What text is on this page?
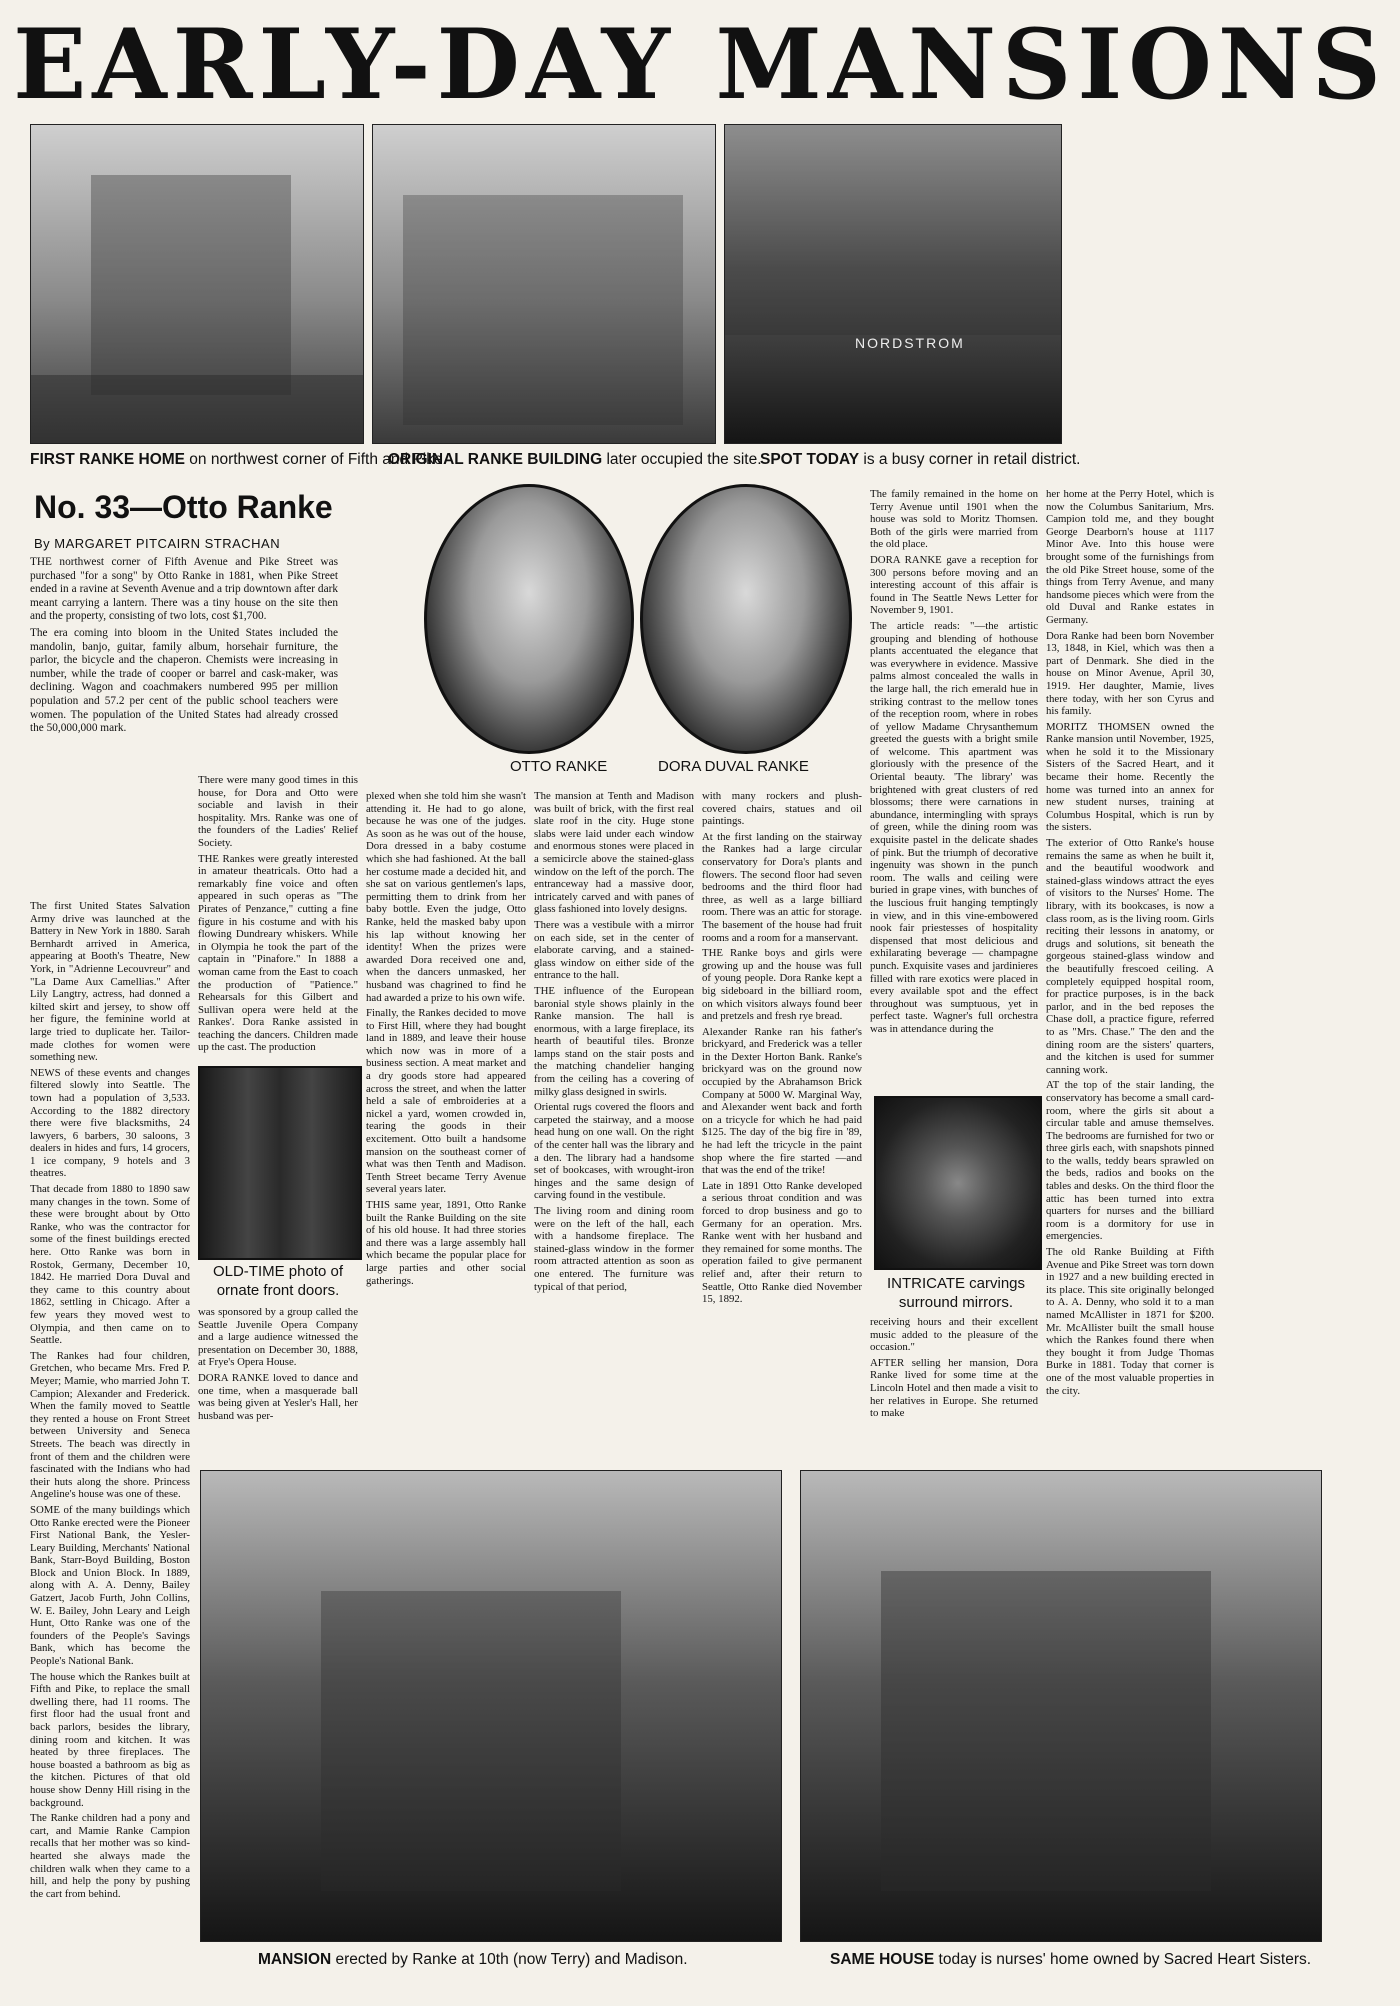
EARLY-DAY MANSIONS
NORDSTROM
FIRST RANKE HOME on northwest corner of Fifth and Pike.
ORIGINAL RANKE BUILDING later occupied the site.
SPOT TODAY is a busy corner in retail district.
No. 33—Otto Ranke
By MARGARET PITCAIRN STRACHAN

THE northwest corner of Fifth Avenue and Pike Street was purchased "for a song" by Otto Ranke in 1881, when Pike Street ended in a ravine at Seventh Avenue and a trip downtown after dark meant carrying a lantern. There was a tiny house on the site then and the property, consisting of two lots, cost $1,700.

The era coming into bloom in the United States included the mandolin, banjo, guitar, family album, horsehair furniture, the parlor, the bicycle and the chaperon. Chemists were increasing in number, while the trade of cooper or barrel and cask-maker, was declining. Wagon and coachmakers numbered 995 per million population and 57.2 per cent of the public school teachers were women. The population of the United States had already crossed the 50,000,000 mark.

OTTO RANKE	DORA DUVAL RANKE

The first United States Salvation Army drive was launched at the Battery in New York in 1880. Sarah Bernhardt arrived in America, appearing at Booth's Theatre, New York, in "Adrienne Lecouvreur" and "La Dame Aux Camellias." After Lily Langtry, actress, had donned a kilted skirt and jersey, to show off her figure, the feminine world at large tried to duplicate her. Tailor-made clothes for women were something new.

NEWS of these events and changes filtered slowly into Seattle. The town had a population of 3,533. According to the 1882 directory there were five blacksmiths, 24 lawyers, 6 barbers, 30 saloons, 3 dealers in hides and furs, 14 grocers, 1 ice company, 9 hotels and 3 theatres.

That decade from 1880 to 1890 saw many changes in the town. Some of these were brought about by Otto Ranke, who was the contractor for some of the finest buildings erected here. Otto Ranke was born in Rostok, Germany, December 10, 1842. He married Dora Duval and they came to this country about 1862, settling in Chicago. After a few years they moved west to Olympia, and then came on to Seattle.

The Rankes had four children, Gretchen, who became Mrs. Fred P. Meyer; Mamie, who married John T. Campion; Alexander and Frederick. When the family moved to Seattle they rented a house on Front Street between University and Seneca Streets. The beach was directly in front of them and the children were fascinated with the Indians who had their huts along the shore. Princess Angeline's house was one of these.

SOME of the many buildings which Otto Ranke erected were the Pioneer First National Bank, the Yesler-Leary Building, Merchants' National Bank, Starr-Boyd Building, Boston Block and Union Block. In 1889, along with A. A. Denny, Bailey Gatzert, Jacob Furth, John Collins, W. E. Bailey, John Leary and Leigh Hunt, Otto Ranke was one of the founders of the People's Savings Bank, which has become the People's National Bank.

The house which the Rankes built at Fifth and Pike, to replace the small dwelling there, had 11 rooms. The first floor had the usual front and back parlors, besides the library, dining room and kitchen. It was heated by three fireplaces. The house boasted a bathroom as big as the kitchen. Pictures of that old house show Denny Hill rising in the background.

The Ranke children had a pony and cart, and Mamie Ranke Campion recalls that her mother was so kind-hearted she always made the children walk when they came to a hill, and help the pony by pushing the cart from behind.

There were many good times in this house, for Dora and Otto were sociable and lavish in their hospitality. Mrs. Ranke was one of the founders of the Ladies' Relief Society.

THE Rankes were greatly interested in amateur theatricals. Otto had a remarkably fine voice and often appeared in such operas as "The Pirates of Penzance," cutting a fine figure in his costume and with his flowing Dundreary whiskers. While in Olympia he took the part of the captain in "Pinafore." In 1888 a woman came from the East to coach the production of "Patience." Rehearsals for this Gilbert and Sullivan opera were held at the Rankes'. Dora Ranke assisted in teaching the dancers. Children made up the cast. The production

OLD-TIME photo of
ornate front doors.

was sponsored by a group called the Seattle Juvenile Opera Company and a large audience witnessed the presentation on December 30, 1888, at Frye's Opera House.

DORA RANKE loved to dance and one time, when a masquerade ball was being given at Yesler's Hall, her husband was per-

plexed when she told him she wasn't attending it. He had to go alone, because he was one of the judges. As soon as he was out of the house, Dora dressed in a baby costume which she had fashioned. At the ball her costume made a decided hit, and she sat on various gentlemen's laps, permitting them to drink from her baby bottle. Even the judge, Otto Ranke, held the masked baby upon his lap without knowing her identity! When the prizes were awarded Dora received one and, when the dancers unmasked, her husband was chagrined to find he had awarded a prize to his own wife.

Finally, the Rankes decided to move to First Hill, where they had bought land in 1889, and leave their house which now was in more of a business section. A meat market and a dry goods store had appeared across the street, and when the latter held a sale of embroideries at a nickel a yard, women crowded in, tearing the goods in their excitement. Otto built a handsome mansion on the southeast corner of what was then Tenth and Madison. Tenth Street became Terry Avenue several years later.

THIS same year, 1891, Otto Ranke built the Ranke Building on the site of his old house. It had three stories and there was a large assembly hall which became the popular place for large parties and other social gatherings.

The mansion at Tenth and Madison was built of brick, with the first real slate roof in the city. Huge stone slabs were laid under each window and enormous stones were placed in a semicircle above the stained-glass window on the left of the porch. The entranceway had a massive door, intricately carved and with panes of glass fashioned into lovely designs.

There was a vestibule with a mirror on each side, set in the center of elaborate carving, and a stained-glass window on either side of the entrance to the hall.

THE influence of the European baronial style shows plainly in the Ranke mansion. The hall is enormous, with a large fireplace, its hearth of beautiful tiles. Bronze lamps stand on the stair posts and the matching chandelier hanging from the ceiling has a covering of milky glass designed in swirls.

Oriental rugs covered the floors and carpeted the stairway, and a moose head hung on one wall. On the right of the center hall was the library and a den. The library had a handsome set of bookcases, with wrought-iron hinges and the same design of carving found in the vestibule.

The living room and dining room were on the left of the hall, each with a handsome fireplace. The stained-glass window in the former room attracted attention as soon as one entered. The furniture was typical of that period,

with many rockers and plush-covered chairs, statues and oil paintings.

At the first landing on the stairway the Rankes had a large circular conservatory for Dora's plants and flowers. The second floor had seven bedrooms and the third floor had three, as well as a large billiard room. There was an attic for storage. The basement of the house had fruit rooms and a room for a manservant.

THE Ranke boys and girls were growing up and the house was full of young people. Dora Ranke kept a big sideboard in the billiard room, on which visitors always found beer and pretzels and fresh rye bread.

Alexander Ranke ran his father's brickyard, and Frederick was a teller in the Dexter Horton Bank. Ranke's brickyard was on the ground now occupied by the Abrahamson Brick Company at 5000 W. Marginal Way, and Alexander went back and forth on a tricycle for which he had paid $125. The day of the big fire in '89, he had left the tricycle in the paint shop where the fire started —and that was the end of the trike!

Late in 1891 Otto Ranke developed a serious throat condition and was forced to drop business and go to Germany for an operation. Mrs. Ranke went with her husband and they remained for some months. The operation failed to give permanent relief and, after their return to Seattle, Otto Ranke died November 15, 1892.

The family remained in the home on Terry Avenue until 1901 when the house was sold to Moritz Thomsen. Both of the girls were married from the old place.

DORA RANKE gave a reception for 300 persons before moving and an interesting account of this affair is found in The Seattle News Letter for November 9, 1901.

The article reads: "—the artistic grouping and blending of hothouse plants accentuated the elegance that was everywhere in evidence. Massive palms almost concealed the walls in the large hall, the rich emerald hue in striking contrast to the mellow tones of the reception room, where in robes of yellow Madame Chrysanthemum greeted the guests with a bright smile of welcome. This apartment was gloriously with the presence of the Oriental beauty. 'The library' was brightened with great clusters of red blossoms; there were carnations in abundance, intermingling with sprays of green, while the dining room was exquisite pastel in the delicate shades of pink. But the triumph of decorative ingenuity was shown in the punch room. The walls and ceiling were buried in grape vines, with bunches of the luscious fruit hanging temptingly in view, and in this vine-embowered nook fair priestesses of hospitality dispensed that most delicious and exhilarating beverage — champagne punch. Exquisite vases and jardinieres filled with rare exotics were placed in every available spot and the effect throughout was sumptuous, yet in perfect taste. Wagner's full orchestra was in attendance during the

INTRICATE carvings
surround mirrors.

receiving hours and their excellent music added to the pleasure of the occasion."

AFTER selling her mansion, Dora Ranke lived for some time at the Lincoln Hotel and then made a visit to her relatives in Europe. She returned to make

her home at the Perry Hotel, which is now the Columbus Sanitarium, Mrs. Campion told me, and they bought George Dearborn's house at 1117 Minor Ave. Into this house were brought some of the furnishings from the old Pike Street house, some of the things from Terry Avenue, and many handsome pieces which were from the old Duval and Ranke estates in Germany.

Dora Ranke had been born November 13, 1848, in Kiel, which was then a part of Denmark. She died in the house on Minor Avenue, April 30, 1919. Her daughter, Mamie, lives there today, with her son Cyrus and his family.

MORITZ THOMSEN owned the Ranke mansion until November, 1925, when he sold it to the Missionary Sisters of the Sacred Heart, and it became their home. Recently the home was turned into an annex for new student nurses, training at Columbus Hospital, which is run by the sisters.

The exterior of Otto Ranke's house remains the same as when he built it, and the beautiful woodwork and stained-glass windows attract the eyes of visitors to the Nurses' Home. The library, with its bookcases, is now a class room, as is the living room. Girls reciting their lessons in anatomy, or drugs and solutions, sit beneath the gorgeous stained-glass window and the beautifully frescoed ceiling. A completely equipped hospital room, for practice purposes, is in the back parlor, and in the bed reposes the Chase doll, a practice figure, referred to as "Mrs. Chase." The den and the dining room are the sisters' quarters, and the kitchen is used for summer canning work.

AT the top of the stair landing, the conservatory has become a small card-room, where the girls sit about a circular table and amuse themselves. The bedrooms are furnished for two or three girls each, with snapshots pinned to the walls, teddy bears sprawled on the beds, radios and books on the tables and desks. On the third floor the attic has been turned into extra quarters for nurses and the billiard room is a dormitory for use in emergencies.

The old Ranke Building at Fifth Avenue and Pike Street was torn down in 1927 and a new building erected in its place. This site originally belonged to A. A. Denny, who sold it to a man named McAllister in 1871 for $200. Mr. McAllister built the small house which the Rankes found there when they bought it from Judge Thomas Burke in 1881. Today that corner is one of the most valuable properties in the city.

MANSION erected by Ranke at 10th (now Terry) and Madison.	SAME HOUSE today is nurses' home owned by Sacred Heart Sisters.
